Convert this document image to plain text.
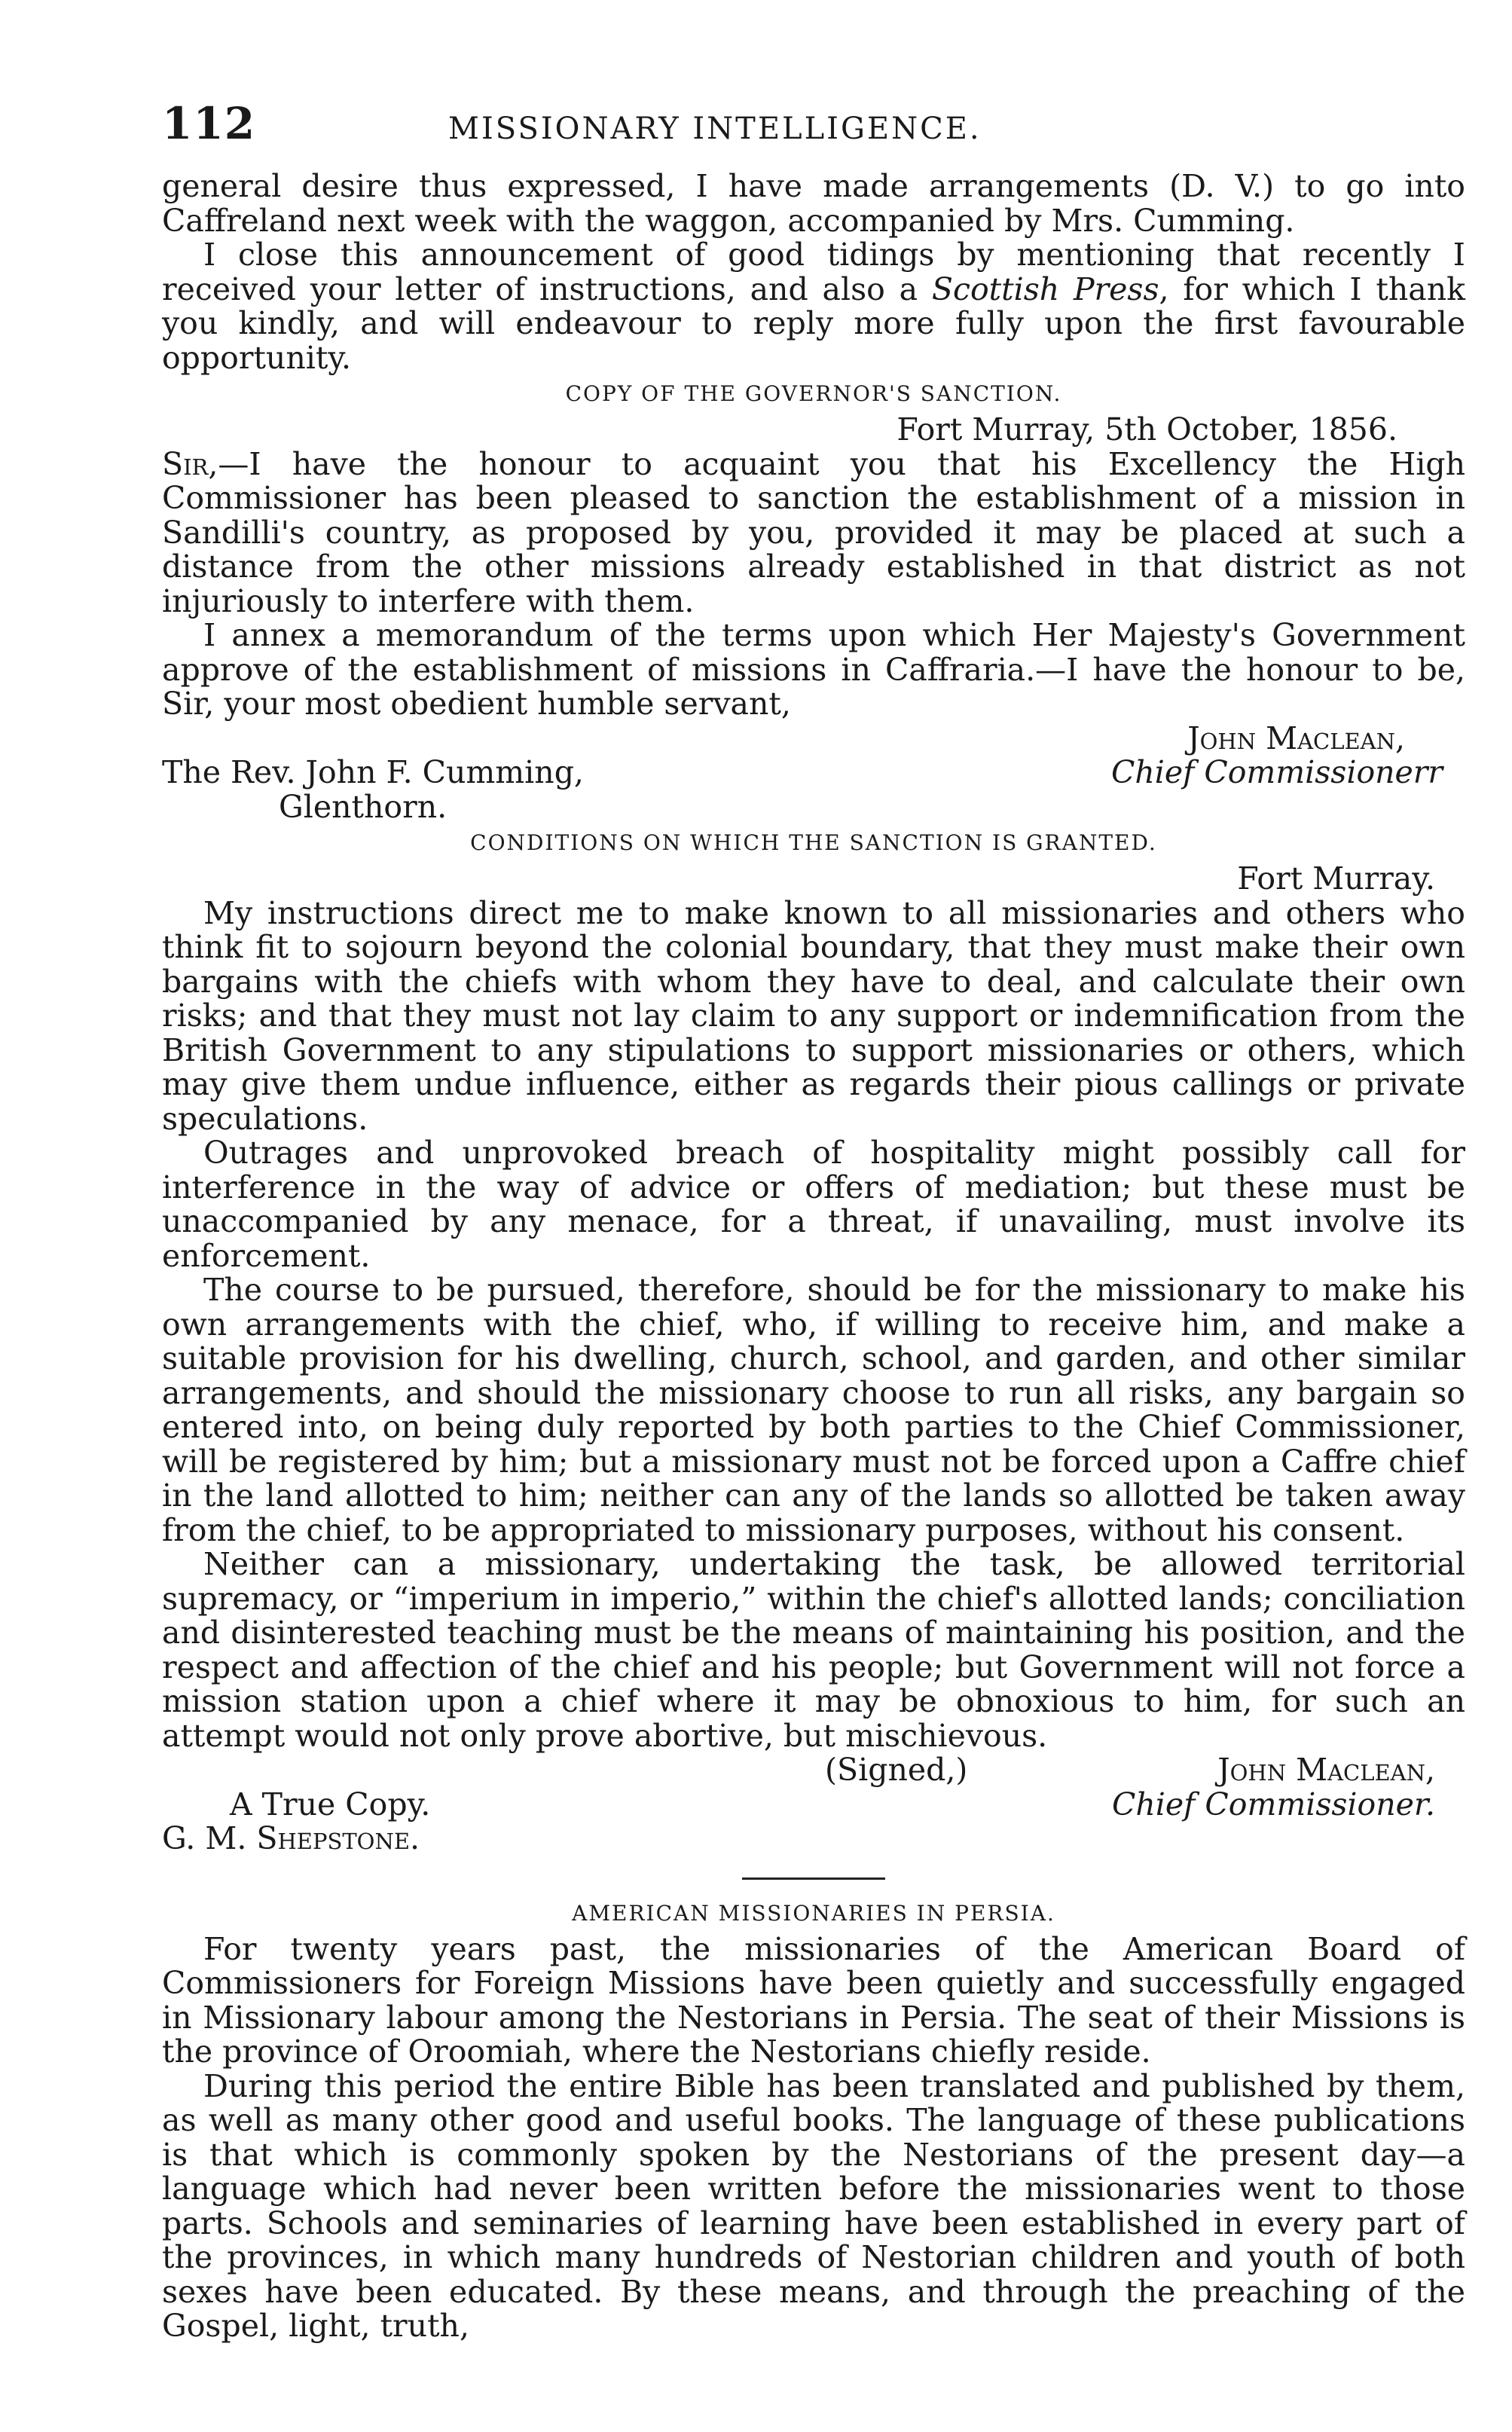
112	MISSIONARY INTELLIGENCE.

general desire thus expressed, I have made arrangements (D. V.) to go into Caffreland next week with the waggon, accompanied by Mrs. Cumming.

I close this announcement of good tidings by mentioning that recently I received your letter of instructions, and also a Scottish Press, for which I thank you kindly, and will endeavour to reply more fully upon the first favourable opportunity.

COPY OF THE GOVERNOR'S SANCTION.
Fort Murray, 5th October, 1856.

Sir,—I have the honour to acquaint you that his Excellency the High Commissioner has been pleased to sanction the establishment of a mission in Sandilli's country, as proposed by you, provided it may be placed at such a distance from the other missions already established in that district as not injuriously to interfere with them.

I annex a memorandum of the terms upon which Her Majesty's Government approve of the establishment of missions in Caffraria.—I have the honour to be, Sir, your most obedient humble servant,

John Maclean,
The Rev. John F. Cumming,	Chief Commissionerr
Glenthorn.
CONDITIONS ON WHICH THE SANCTION IS GRANTED.
Fort Murray.

My instructions direct me to make known to all missionaries and others who think fit to sojourn beyond the colonial boundary, that they must make their own bargains with the chiefs with whom they have to deal, and calculate their own risks; and that they must not lay claim to any support or indemnification from the British Government to any stipulations to support missionaries or others, which may give them undue influence, either as regards their pious callings or private speculations.

Outrages and unprovoked breach of hospitality might possibly call for interference in the way of advice or offers of mediation; but these must be unaccompanied by any menace, for a threat, if unavailing, must involve its enforcement.

The course to be pursued, therefore, should be for the missionary to make his own arrangements with the chief, who, if willing to receive him, and make a suitable provision for his dwelling, church, school, and garden, and other similar arrangements, and should the missionary choose to run all risks, any bargain so entered into, on being duly reported by both parties to the Chief Commissioner, will be registered by him; but a missionary must not be forced upon a Caffre chief in the land allotted to him; neither can any of the lands so allotted be taken away from the chief, to be appropriated to missionary purposes, without his consent.

Neither can a missionary, undertaking the task, be allowed territorial supremacy, or “imperium in imperio,” within the chief's allotted lands; conciliation and disinterested teaching must be the means of maintaining his position, and the respect and affection of the chief and his people; but Government will not force a mission station upon a chief where it may be obnoxious to him, for such an attempt would not only prove abortive, but mischievous.

(Signed,)	John Maclean,
A True Copy.	Chief Commissioner.
G. M. Shepstone.
AMERICAN MISSIONARIES IN PERSIA.

For twenty years past, the missionaries of the American Board of Commissioners for Foreign Missions have been quietly and successfully engaged in Missionary labour among the Nestorians in Persia. The seat of their Missions is the province of Oroomiah, where the Nestorians chiefly reside.

During this period the entire Bible has been translated and published by them, as well as many other good and useful books. The language of these publications is that which is commonly spoken by the Nestorians of the present day—a language which had never been written before the missionaries went to those parts. Schools and seminaries of learning have been established in every part of the provinces, in which many hundreds of Nestorian children and youth of both sexes have been educated. By these means, and through the preaching of the Gospel, light, truth,
